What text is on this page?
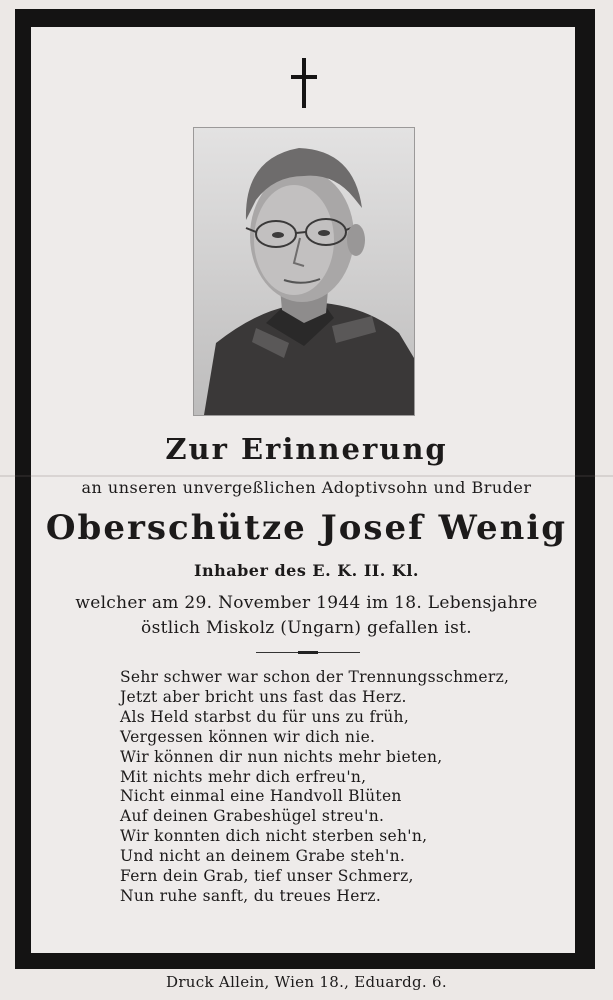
Zur Erinnerung
an unseren unvergeßlichen Adoptivsohn und Bruder
Oberschütze Josef Wenig
Inhaber des E. K. II. Kl.
welcher am 29. November 1944 im 18. Lebensjahre
östlich Miskolz (Ungarn) gefallen ist.
Sehr schwer war schon der Trennungsschmerz,
Jetzt aber bricht uns fast das Herz.
Als Held starbst du für uns zu früh,
Vergessen können wir dich nie.
Wir können dir nun nichts mehr bieten,
Mit nichts mehr dich erfreu'n,
Nicht einmal eine Handvoll Blüten
Auf deinen Grabeshügel streu'n.
Wir konnten dich nicht sterben seh'n,
Und nicht an deinem Grabe steh'n.
Fern dein Grab, tief unser Schmerz,
Nun ruhe sanft, du treues Herz.
Druck Allein, Wien 18., Eduardg. 6.
